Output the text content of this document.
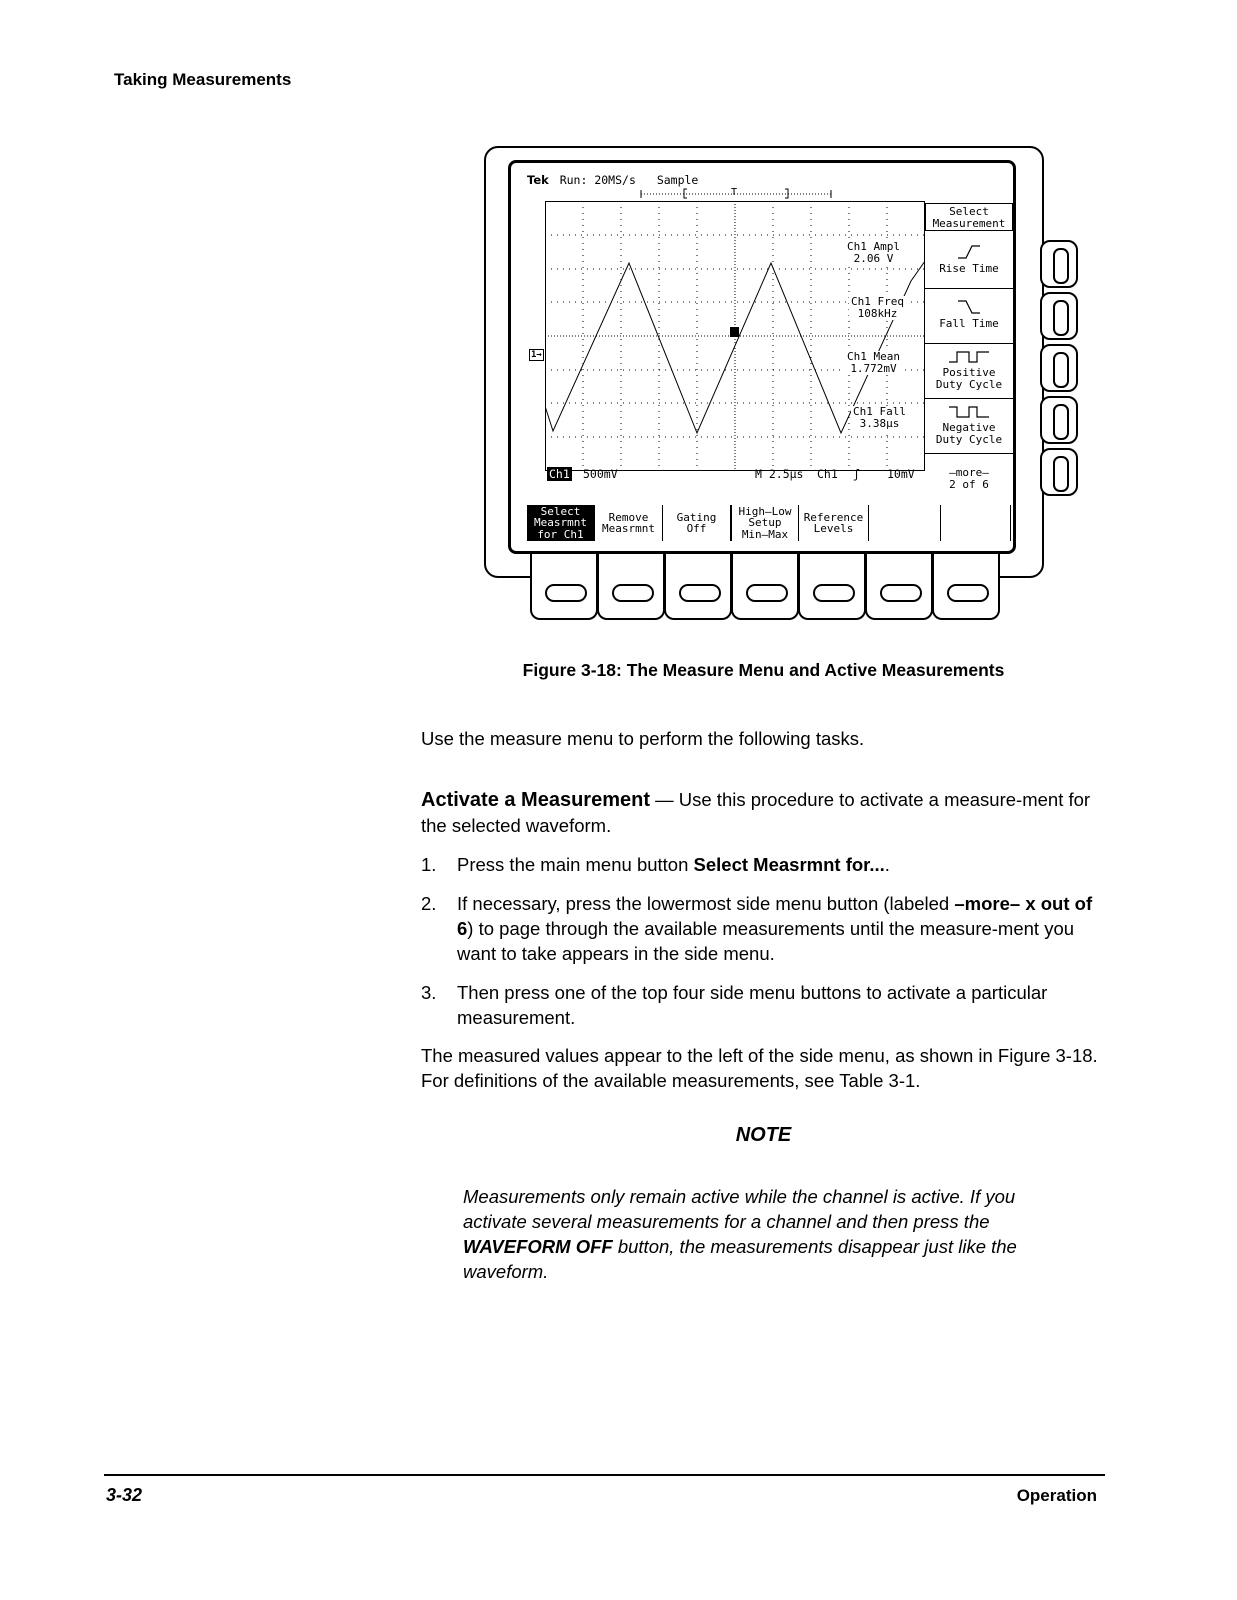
Taking Measurements
Tek Run: 20MS/s Sample
T
1→
Ch1 Ampl
2.06 V
Ch1 Freq
108kHz
Ch1 Mean
1.772mV
Ch1 Fall
3.38µs
Ch1 500mV	M 2.5µs Ch1 ʃ 10mV
Select
Measurement
Rise Time
Fall Time
Positive
Duty Cycle
Negative
Duty Cycle
–more–
2 of 6
Select
Measrmnt
for Ch1
Remove
Measrmnt
Gating
Off
High–Low
Setup
Min–Max
Reference
Levels
Figure 3-18: The Measure Menu and Active Measurements
Use the measure menu to perform the following tasks.
Activate a Measurement — Use this procedure to activate a measure-ment for the selected waveform.
1. Press the main menu button Select Measrmnt for....
2. If necessary, press the lowermost side menu button (labeled –more– x out of 6) to page through the available measurements until the measure-ment you want to take appears in the side menu.
3. Then press one of the top four side menu buttons to activate a particular measurement.
The measured values appear to the left of the side menu, as shown in Figure 3-18. For definitions of the available measurements, see Table 3-1.
NOTE
Measurements only remain active while the channel is active. If you activate several measurements for a channel and then press the WAVEFORM OFF button, the measurements disappear just like the waveform.
3-32	Operation
